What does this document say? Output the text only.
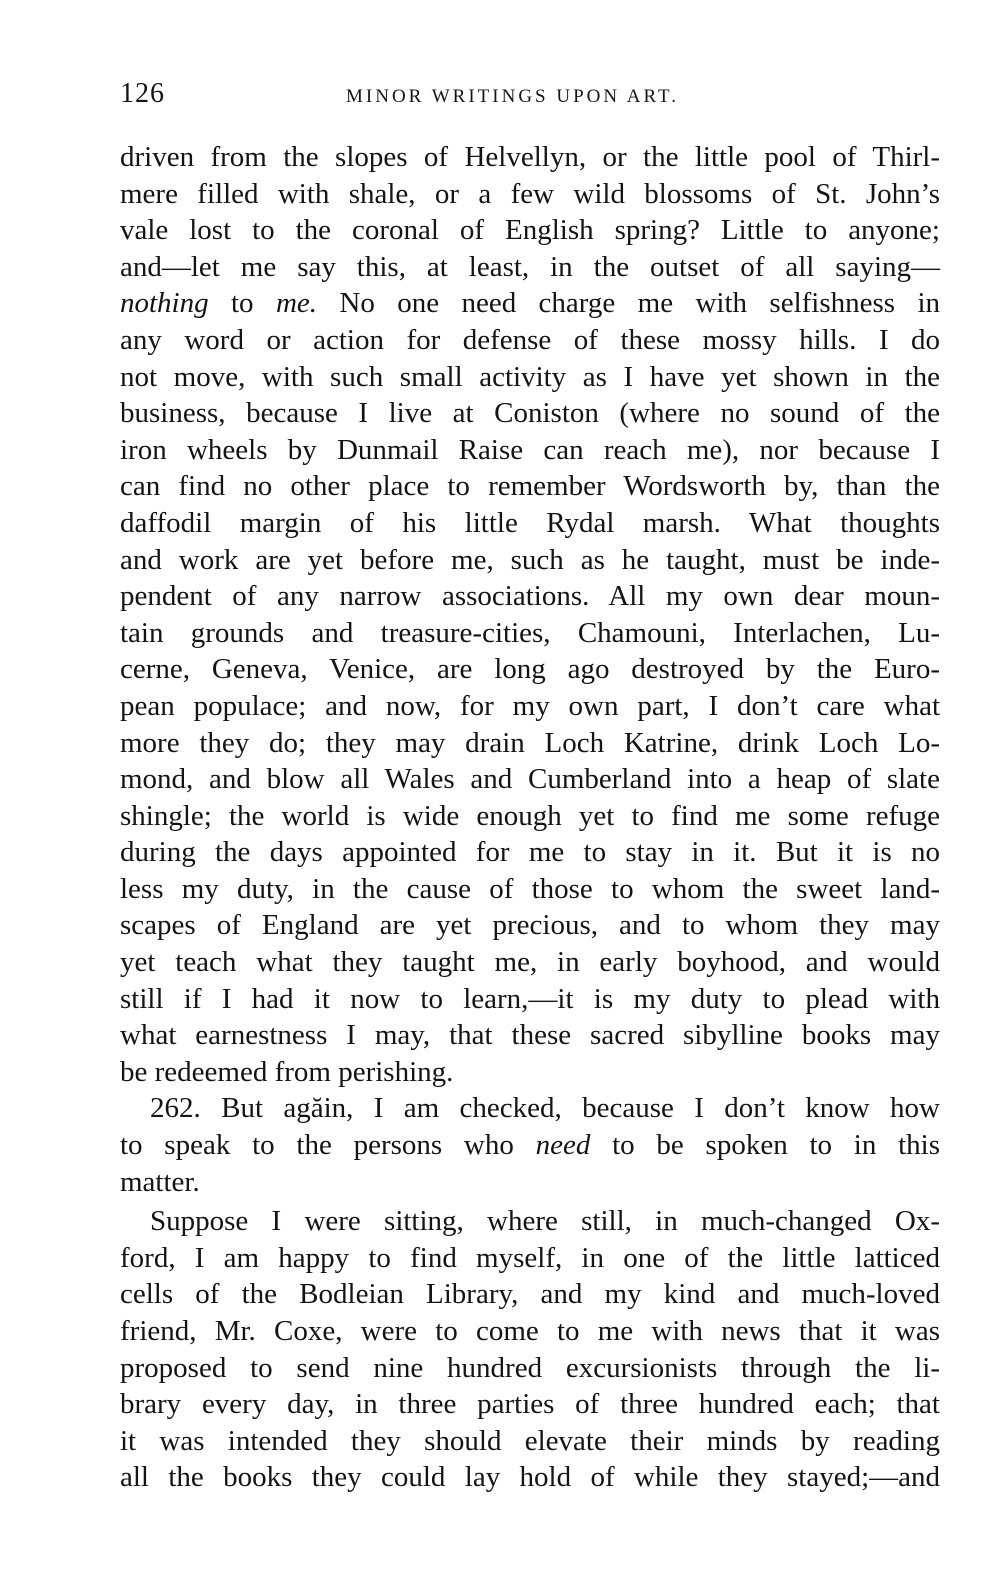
126	MINOR WRITINGS UPON ART.
driven from the slopes of Helvellyn, or the little pool of Thirl-
mere filled with shale, or a few wild blossoms of St. John’s
vale lost to the coronal of English spring? Little to anyone;
and—let me say this, at least, in the outset of all saying—
nothing to me. No one need charge me with selfishness in
any word or action for defense of these mossy hills. I do
not move, with such small activity as I have yet shown in the
business, because I live at Coniston (where no sound of the
iron wheels by Dunmail Raise can reach me), nor because I
can find no other place to remember Wordsworth by, than the
daffodil margin of his little Rydal marsh. What thoughts
and work are yet before me, such as he taught, must be inde-
pendent of any narrow associations. All my own dear moun-
tain grounds and treasure-cities, Chamouni, Interlachen, Lu-
cerne, Geneva, Venice, are long ago destroyed by the Euro-
pean populace; and now, for my own part, I don’t care what
more they do; they may drain Loch Katrine, drink Loch Lo-
mond, and blow all Wales and Cumberland into a heap of slate
shingle; the world is wide enough yet to find me some refuge
during the days appointed for me to stay in it. But it is no
less my duty, in the cause of those to whom the sweet land-
scapes of England are yet precious, and to whom they may
yet teach what they taught me, in early boyhood, and would
still if I had it now to learn,—it is my duty to plead with
what earnestness I may, that these sacred sibylline books may
be redeemed from perishing.
262. But agăin, I am checked, because I don’t know how
to speak to the persons who need to be spoken to in this
matter.
Suppose I were sitting, where still, in much-changed Ox-
ford, I am happy to find myself, in one of the little latticed
cells of the Bodleian Library, and my kind and much-loved
friend, Mr. Coxe, were to come to me with news that it was
proposed to send nine hundred excursionists through the li-
brary every day, in three parties of three hundred each; that
it was intended they should elevate their minds by reading
all the books they could lay hold of while they stayed;—and
